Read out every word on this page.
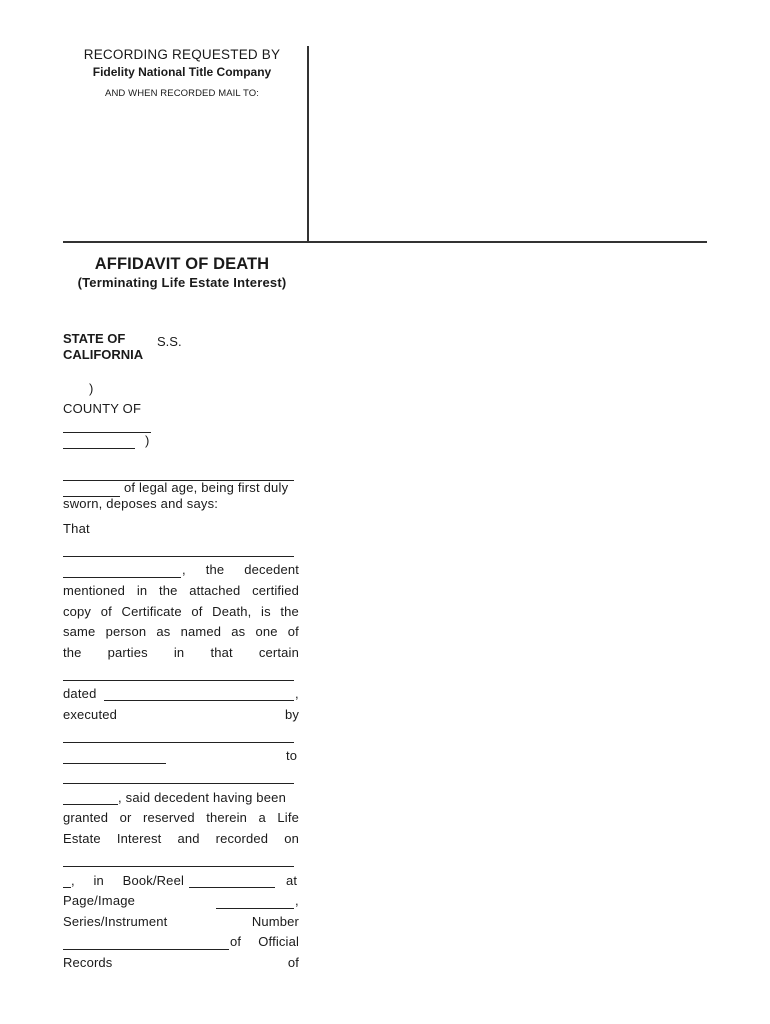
RECORDING REQUESTED BY
Fidelity National Title Company
AND WHEN RECORDED MAIL TO:
AFFIDAVIT OF DEATH
(Terminating Life Estate Interest)
STATE OF
CALIFORNIA
S.S.
)
COUNTY OF
)
of legal age, being first duly
sworn, deposes and says:
That
, the decedent
mentioned in the attached certified
copy of Certificate of Death, is the
same person as named as one of
the parties in that certain
dated	,
executed	by
to
, said decedent having been
granted or reserved therein a Life
Estate Interest and recorded on
, in Book/Reel	at
Page/Image	,
Series/Instrument	Number
of Official
Records	of
